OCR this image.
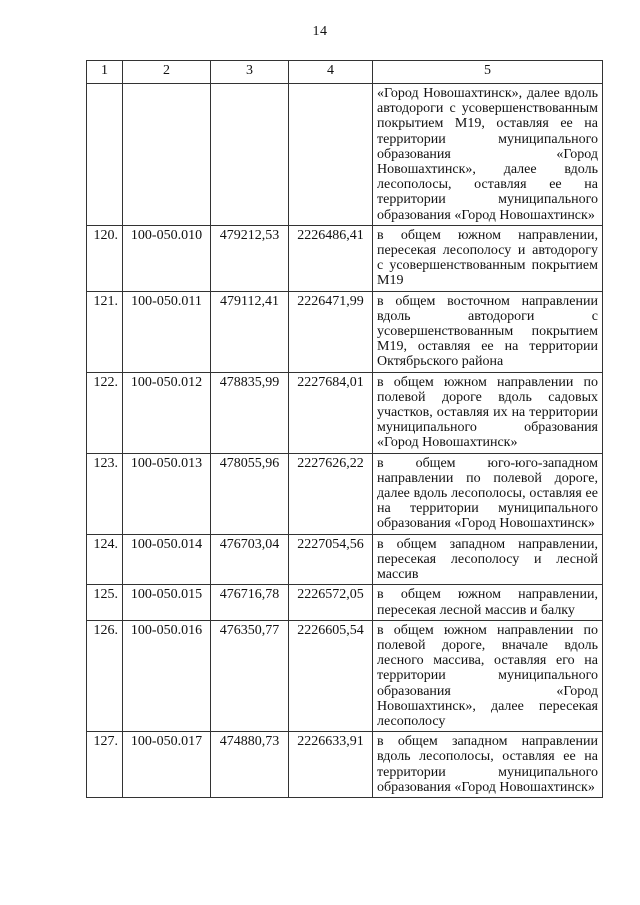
14
1	2	3	4	5
				«Город Новошахтинск», далее вдоль автодороги с усовершенствованным покрытием М19, оставляя ее на территории муниципального образования «Город Новошахтинск», далее вдоль лесополосы, оставляя ее на территории муниципального образования «Город Новошахтинск»
120.	100-050.010	479212,53	2226486,41	в общем южном направлении, пересекая лесополосу и автодорогу с усовершенствованным покрытием М19
121.	100-050.011	479112,41	2226471,99	в общем восточном направлении вдоль автодороги с усовершенствованным покрытием М19, оставляя ее на территории Октябрьского района
122.	100-050.012	478835,99	2227684,01	в общем южном направлении по полевой дороге вдоль садовых участков, оставляя их на территории муниципального образования «Город Новошахтинск»
123.	100-050.013	478055,96	2227626,22	в общем юго-юго-западном направлении по полевой дороге, далее вдоль лесополосы, оставляя ее на территории муниципального образования «Город Новошахтинск»
124.	100-050.014	476703,04	2227054,56	в общем западном направлении, пересекая лесополосу и лесной массив
125.	100-050.015	476716,78	2226572,05	в общем южном направлении, пересекая лесной массив и балку
126.	100-050.016	476350,77	2226605,54	в общем южном направлении по полевой дороге, вначале вдоль лесного массива, оставляя его на территории муниципального образования «Город Новошахтинск», далее пересекая лесополосу
127.	100-050.017	474880,73	2226633,91	в общем западном направлении вдоль лесополосы, оставляя ее на территории муниципального образования «Город Новошахтинск»
